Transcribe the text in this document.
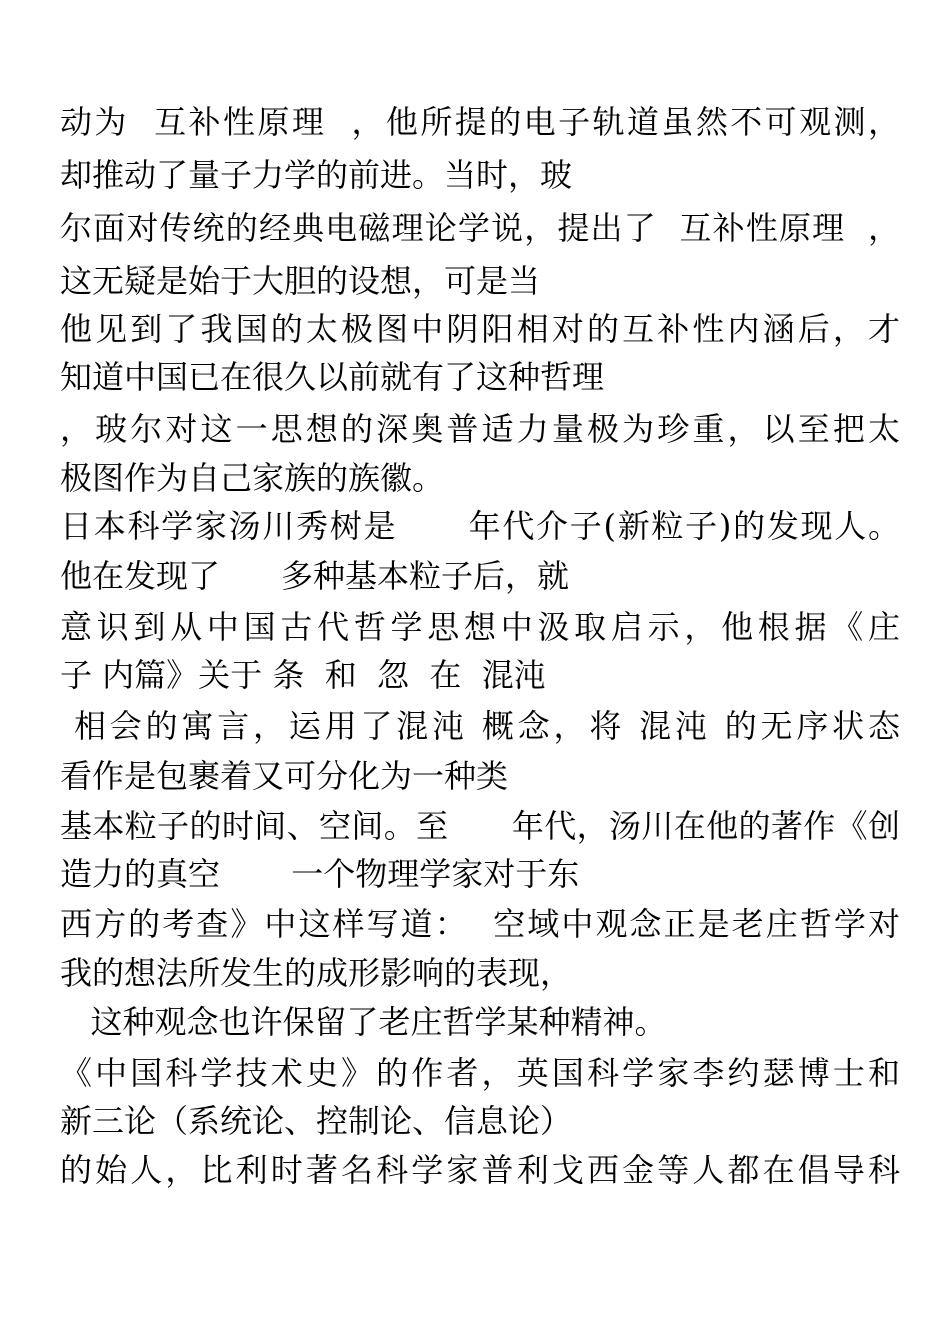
动为  互补性原理  ，他所提的电子轨道虽然不可观测，
却推动了量子力学的前进。当时，玻
尔面对传统的经典电磁理论学说，提出了  互补性原理  ，
这无疑是始于大胆的设想，可是当
他见到了我国的太极图中阴阳相对的互补性内涵后，才
知道中国已在很久以前就有了这种哲理
，玻尔对这一思想的深奥普适力量极为珍重，以至把太
极图作为自己家族的族徽。
日本科学家汤川秀树是      年代介子(新粒子)的发现人。
他在发现了      多种基本粒子后，就
意识到从中国古代哲学思想中汲取启示，他根据《庄
子 内篇》关于 条  和  忽  在  混沌
相会的寓言，运用了混沌 概念，将 混沌 的无序状态
看作是包裹着又可分化为一种类
基本粒子的时间、空间。至      年代，汤川在他的著作《创
造力的真空       一个物理学家对于东
西方的考查》中这样写道：  空域中观念正是老庄哲学对
我的想法所发生的成形影响的表现，
这种观念也许保留了老庄哲学某种精神。
《中国科学技术史》的作者，英国科学家李约瑟博士和
新三论（系统论、控制论、信息论）
的始人，比利时著名科学家普利戈西金等人都在倡导科
